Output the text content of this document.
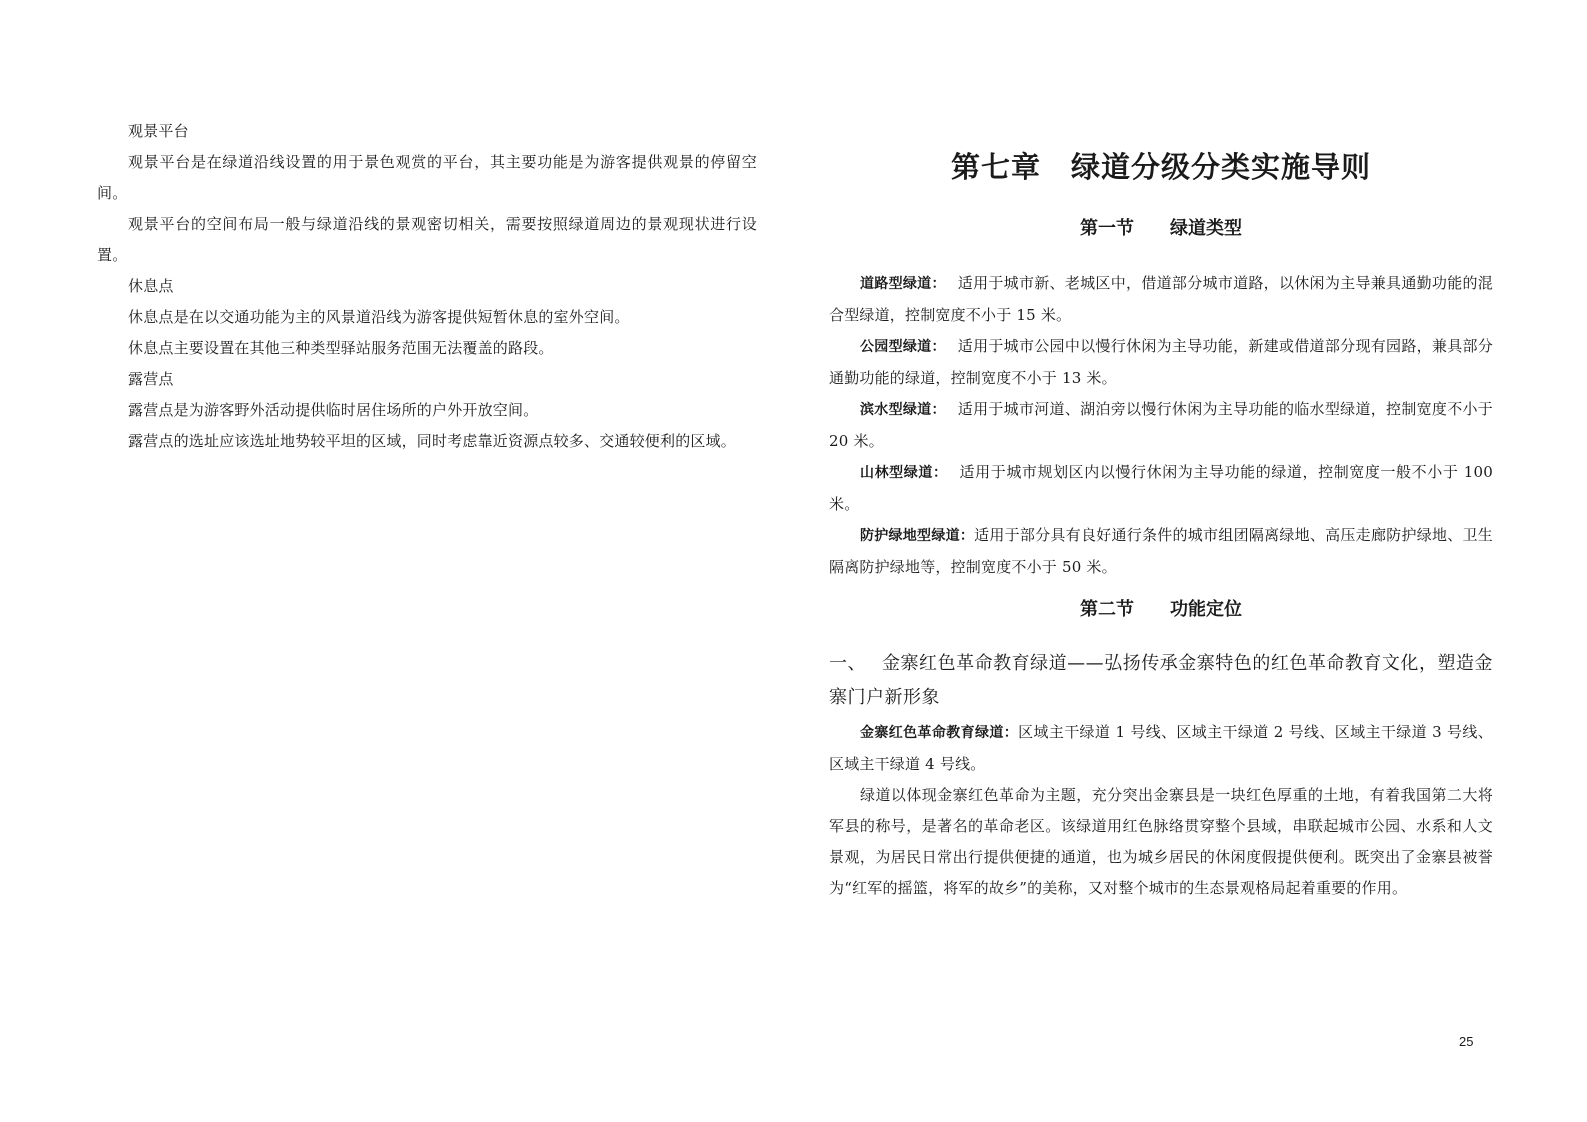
观景平台

观景平台是在绿道沿线设置的用于景色观赏的平台，其主要功能是为游客提供观景的停留空间。

观景平台的空间布局一般与绿道沿线的景观密切相关，需要按照绿道周边的景观现状进行设置。

休息点

休息点是在以交通功能为主的风景道沿线为游客提供短暂休息的室外空间。

休息点主要设置在其他三种类型驿站服务范围无法覆盖的路段。

露营点

露营点是为游客野外活动提供临时居住场所的户外开放空间。

露营点的选址应该选址地势较平坦的区域，同时考虑靠近资源点较多、交通较便利的区域。

第七章　绿道分级分类实施导则
第一节 绿道类型

道路型绿道： 适用于城市新、老城区中，借道部分城市道路，以休闲为主导兼具通勤功能的混合型绿道，控制宽度不小于 15 米。

公园型绿道： 适用于城市公园中以慢行休闲为主导功能，新建或借道部分现有园路，兼具部分通勤功能的绿道，控制宽度不小于 13 米。

滨水型绿道： 适用于城市河道、湖泊旁以慢行休闲为主导功能的临水型绿道，控制宽度不小于 20 米。

山林型绿道： 适用于城市规划区内以慢行休闲为主导功能的绿道，控制宽度一般不小于 100 米。

防护绿地型绿道：适用于部分具有良好通行条件的城市组团隔离绿地、高压走廊防护绿地、卫生隔离防护绿地等，控制宽度不小于 50 米。

第二节 功能定位

一、 金寨红色革命教育绿道——弘扬传承金寨特色的红色革命教育文化，塑造金寨门户新形象

金寨红色革命教育绿道：区域主干绿道 1 号线、区域主干绿道 2 号线、区域主干绿道 3 号线、区域主干绿道 4 号线。

绿道以体现金寨红色革命为主题，充分突出金寨县是一块红色厚重的土地，有着我国第二大将军县的称号，是著名的革命老区。该绿道用红色脉络贯穿整个县域，串联起城市公园、水系和人文景观，为居民日常出行提供便捷的通道，也为城乡居民的休闲度假提供便利。既突出了金寨县被誉为“红军的摇篮，将军的故乡”的美称，又对整个城市的生态景观格局起着重要的作用。

25
